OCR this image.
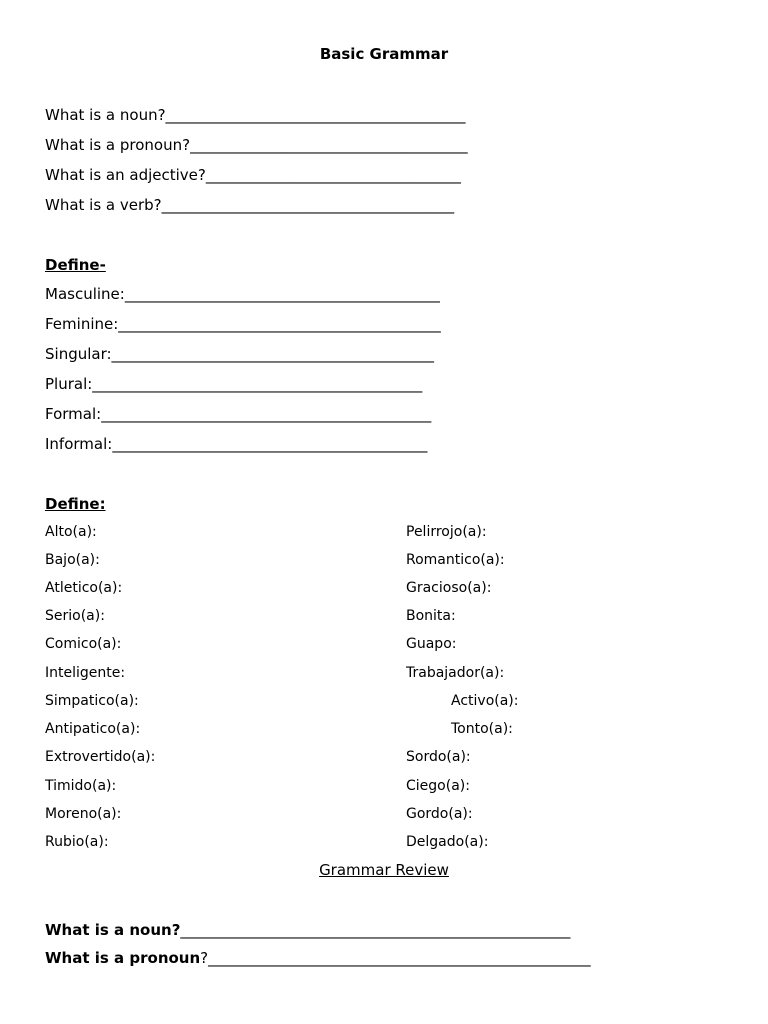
Basic Grammar
What is a noun?________________________________________
What is a pronoun?_____________________________________
What is an adjective?__________________________________
What is a verb?_______________________________________
Define-
Masculine:__________________________________________
Feminine:___________________________________________
Singular:___________________________________________
Plural:____________________________________________
Formal:____________________________________________
Informal:__________________________________________
Define:
Alto(a):
Bajo(a):
Atletico(a):
Serio(a):
Comico(a):
Inteligente:
Simpatico(a):
Antipatico(a):
Extrovertido(a):
Timido(a):
Moreno(a):
Rubio(a):
Pelirrojo(a):
Romantico(a):
Gracioso(a):
Bonita:
Guapo:
Trabajador(a):
Activo(a):
Tonto(a):
Sordo(a):
Ciego(a):
Gordo(a):
Delgado(a):
Grammar Review
What is a noun?____________________________________________________
What is a pronoun?___________________________________________________
